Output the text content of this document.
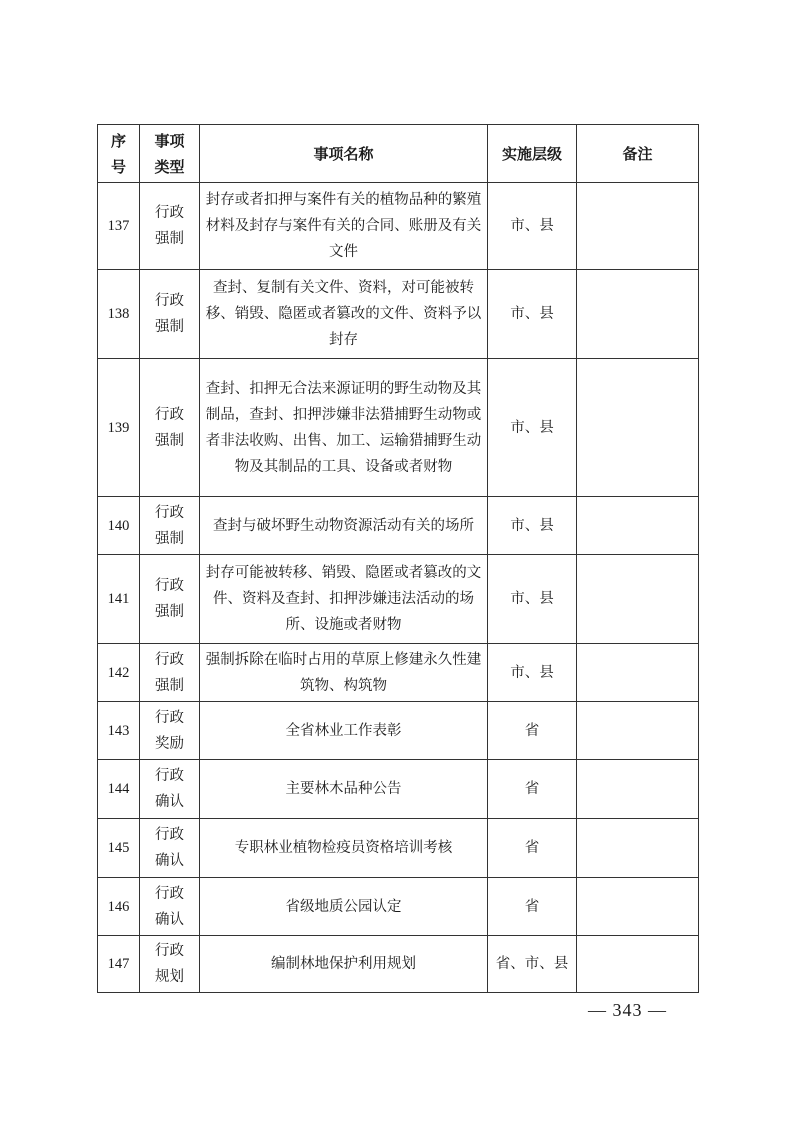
序号	事项类型	事项名称	实施层级	备注
137	行政强制	封存或者扣押与案件有关的植物品种的繁殖材料及封存与案件有关的合同、账册及有关文件	市、县	
138	行政强制	查封、复制有关文件、资料，对可能被转移、销毁、隐匿或者篡改的文件、资料予以封存	市、县	
139	行政强制	查封、扣押无合法来源证明的野生动物及其制品，查封、扣押涉嫌非法猎捕野生动物或者非法收购、出售、加工、运输猎捕野生动物及其制品的工具、设备或者财物	市、县	
140	行政强制	查封与破坏野生动物资源活动有关的场所	市、县	
141	行政强制	封存可能被转移、销毁、隐匿或者篡改的文件、资料及查封、扣押涉嫌违法活动的场所、设施或者财物	市、县	
142	行政强制	强制拆除在临时占用的草原上修建永久性建筑物、构筑物	市、县	
143	行政奖励	全省林业工作表彰	省	
144	行政确认	主要林木品种公告	省	
145	行政确认	专职林业植物检疫员资格培训考核	省	
146	行政确认	省级地质公园认定	省	
147	行政规划	编制林地保护利用规划	省、市、县	
— 343 —
